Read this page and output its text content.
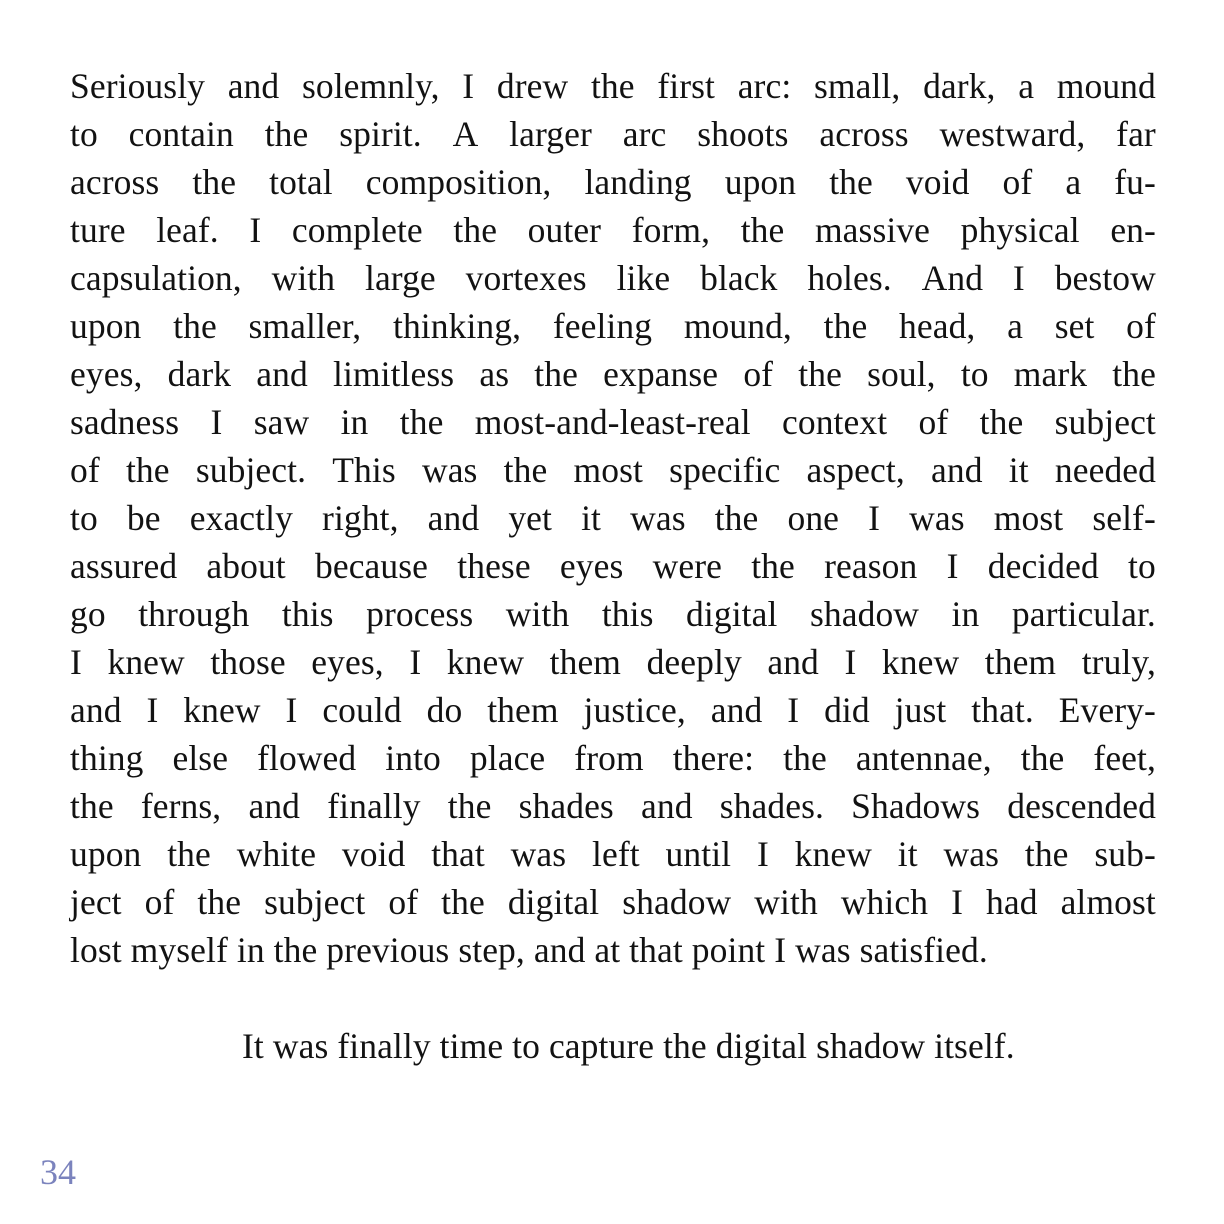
Seriously and solemnly, I drew the first arc: small, dark, a mound
to contain the spirit. A larger arc shoots across westward, far
across the total composition, landing upon the void of a fu-
ture leaf. I complete the outer form, the massive physical en-
capsulation, with large vortexes like black holes. And I bestow
upon the smaller, thinking, feeling mound, the head, a set of
eyes, dark and limitless as the expanse of the soul, to mark the
sadness I saw in the most-and-least-real context of the subject
of the subject. This was the most specific aspect, and it needed
to be exactly right, and yet it was the one I was most self-
assured about because these eyes were the reason I decided to
go through this process with this digital shadow in particular.
I knew those eyes, I knew them deeply and I knew them truly,
and I knew I could do them justice, and I did just that. Every-
thing else flowed into place from there: the antennae, the feet,
the ferns, and finally the shades and shades. Shadows descended
upon the white void that was left until I knew it was the sub-
ject of the subject of the digital shadow with which I had almost
lost myself in the previous step, and at that point I was satisfied.
It was finally time to capture the digital shadow itself.
34
